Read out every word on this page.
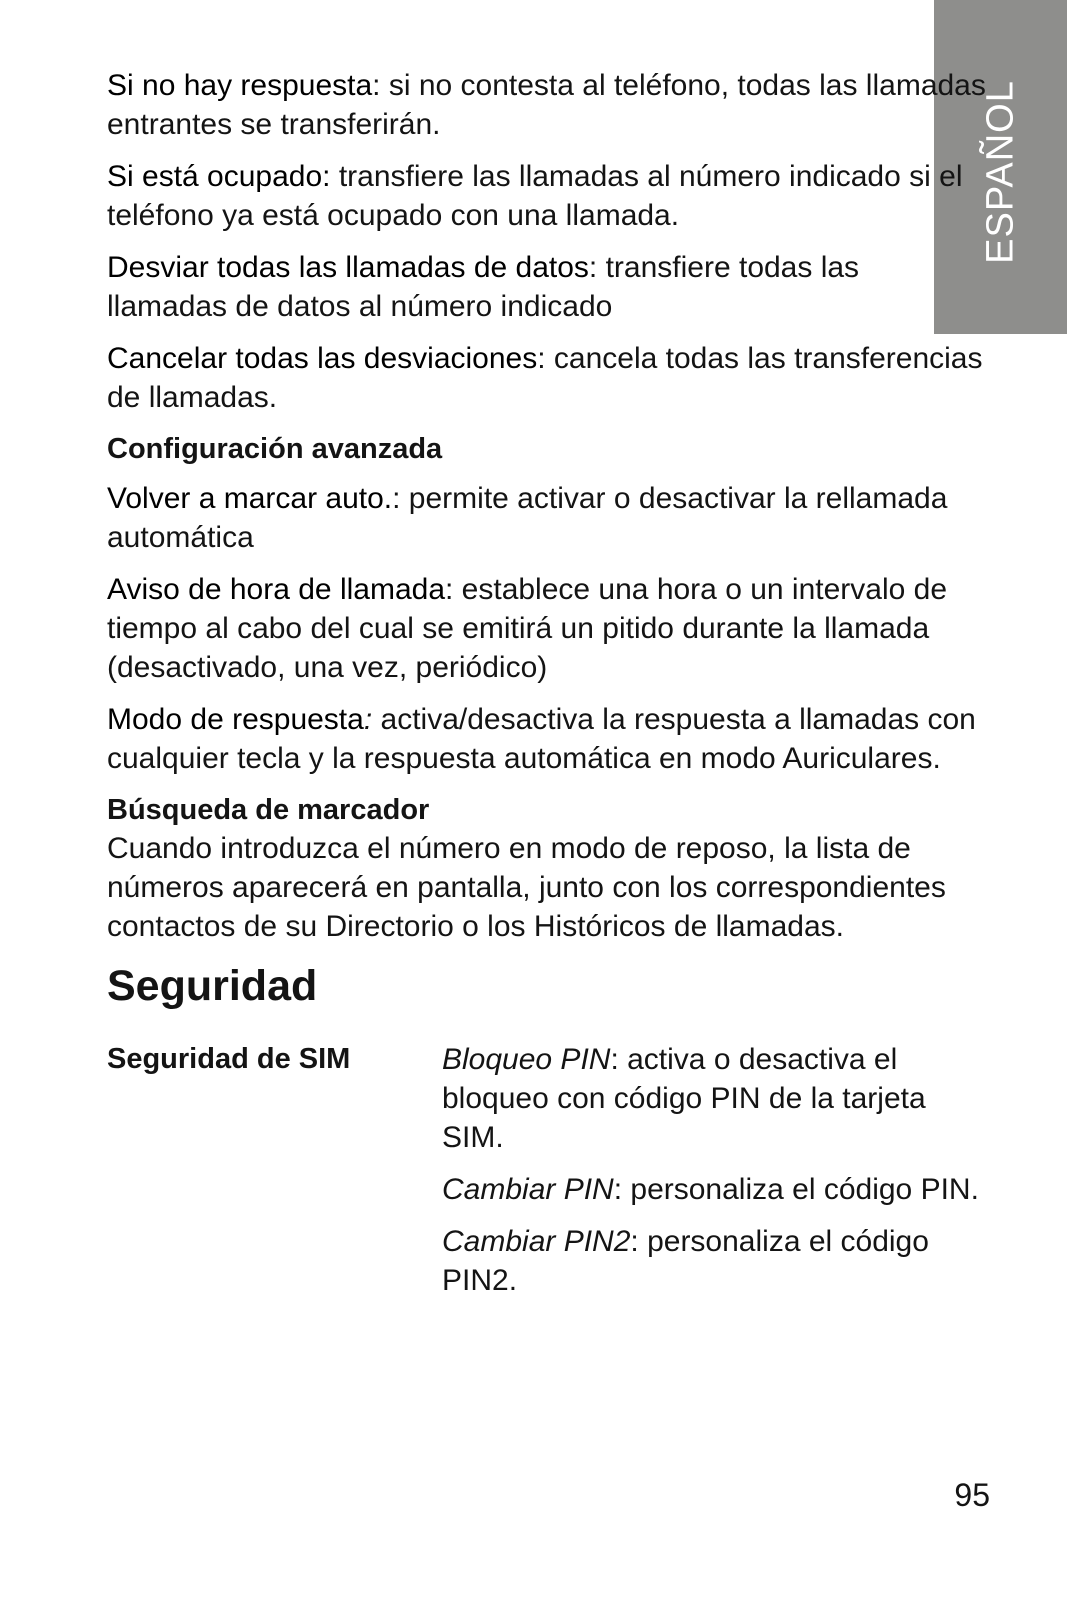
ESPAÑOL

Si no hay respuesta: si no contesta al teléfono, todas las llamadas entrantes se transferirán.

Si está ocupado: transfiere las llamadas al número indicado si el teléfono ya está ocupado con una llamada.

Desviar todas las llamadas de datos: transfiere todas las llamadas de datos al número indicado

Cancelar todas las desviaciones: cancela todas las transferencias de llamadas.

Configuración avanzada

Volver a marcar auto.: permite activar o desactivar la rellamada automática

Aviso de hora de llamada: establece una hora o un intervalo de tiempo al cabo del cual se emitirá un pitido durante la llamada (desactivado, una vez, periódico)

Modo de respuesta: activa/desactiva la respuesta a llamadas con cualquier tecla y la respuesta automática en modo Auriculares.

Búsqueda de marcador

Cuando introduzca el número en modo de reposo, la lista de números aparecerá en pantalla, junto con los correspondientes contactos de su Directorio o los Históricos de llamadas.

Seguridad
Seguridad de SIM	Bloqueo PIN: activa o desactiva el bloqueo con código PIN de la tarjeta SIM.

Cambiar PIN: personaliza el código PIN.

Cambiar PIN2: personaliza el código PIN2.

95
